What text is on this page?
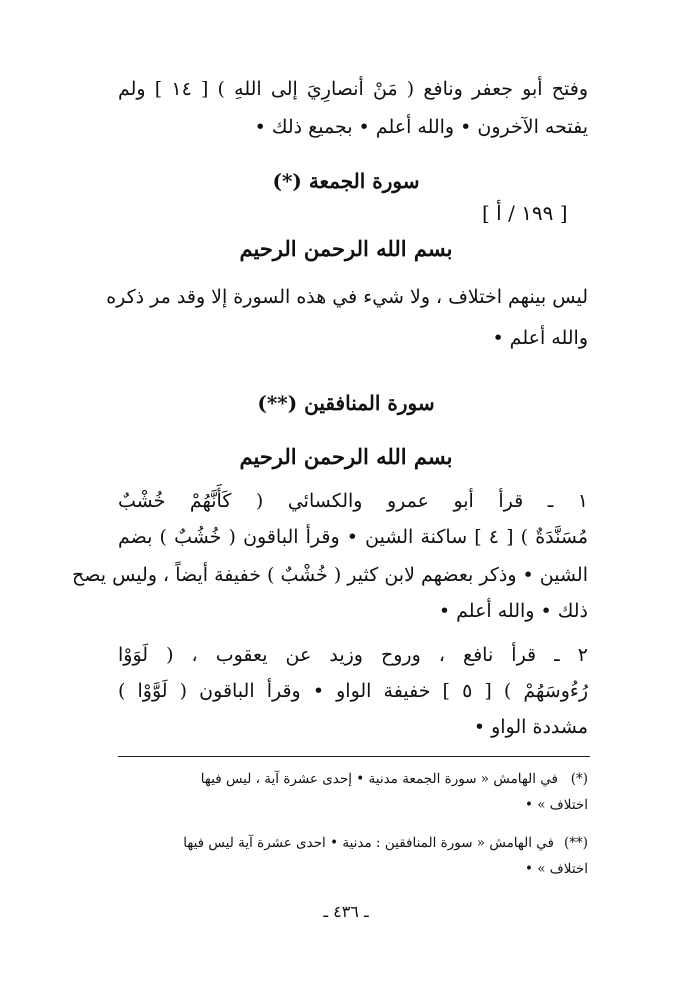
وفتح أبو جعفر ونافع ( مَنْ أنصارِيَ إلى اللهِ ) [ ١٤ ] ولم
يفتحه الآخرون • والله أعلم • بجميع ذلك •
سورة الجمعة (*)
[ ١٩٩ / أ ]
بسم الله الرحمن الرحيم
ليس بينهم اختلاف ، ولا شيء في هذه السورة إلا وقد مر ذكره
والله أعلم •
سورة المنافقين (**)
بسم الله الرحمن الرحيم
١ ـ قرأ أبو عمرو والكسائي ( كَأَنَّهُمْ خُشْبٌ
مُسَنَّدَةٌ ) [ ٤ ] ساكنة الشين • وقرأ الباقون ( خُشُبٌ ) بضم
الشين • وذكر بعضهم لابن كثير ( خُشْبٌ ) خفيفة أيضاً ، وليس يصح
ذلك • والله أعلم •
٢ ـ قرأ نافع ، وروح وزيد عن يعقوب ، ( لَوَوْا
رُءُوسَهُمْ ) [ ٥ ] خفيفة الواو • وقرأ الباقون ( لَوَّوْا )
مشددة الواو •
(*)
في الهامش « سورة الجمعة مدنية • إحدى عشرة آية ، ليس فيها
اختلاف » •
(**)
في الهامش « سورة المنافقين : مدنية • احدى عشرة آية ليس فيها
اختلاف » •
ـ ٤٣٦ ـ
